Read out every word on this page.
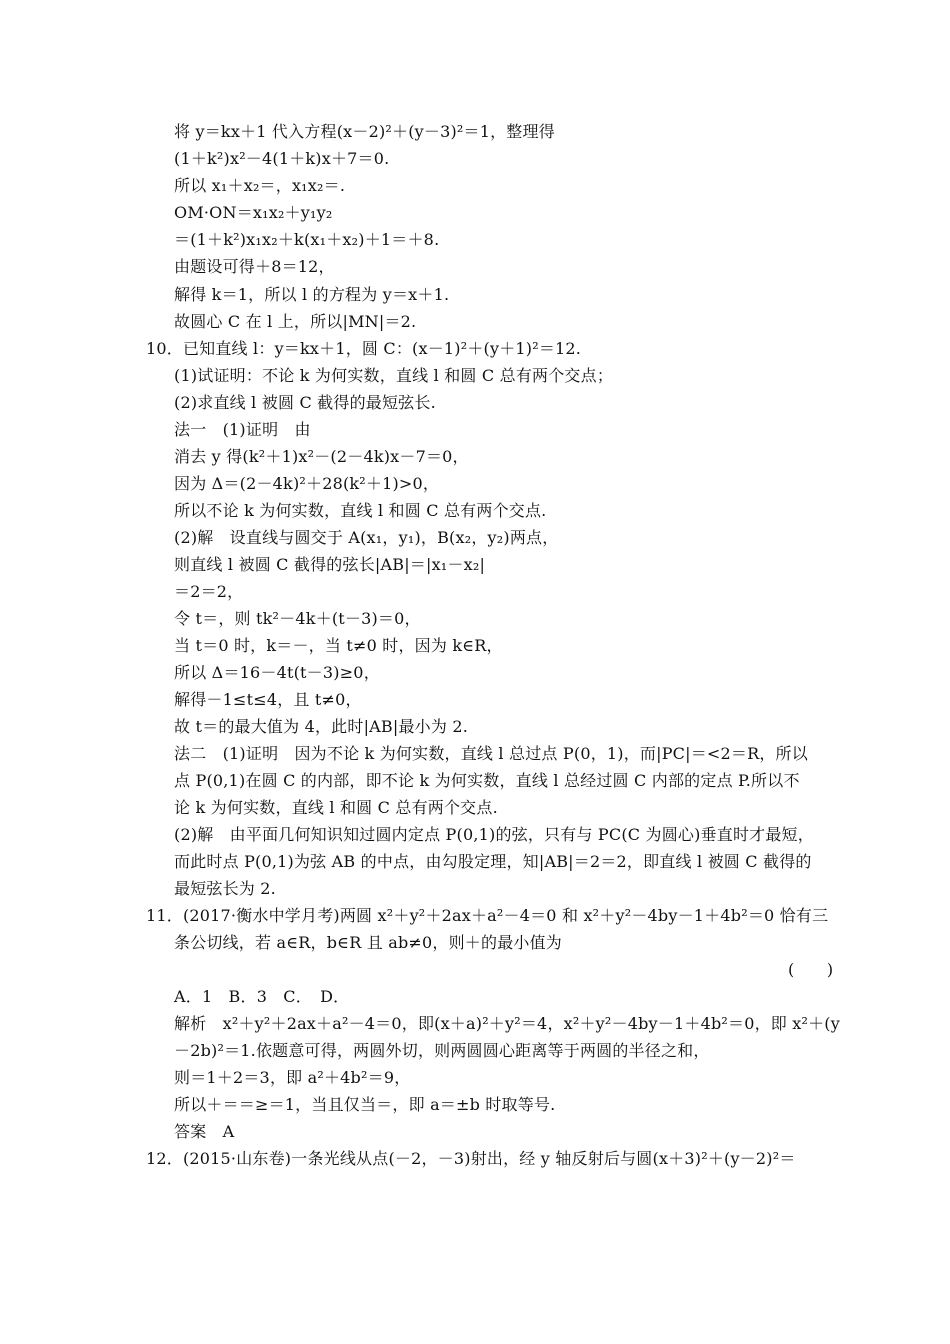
将 y＝kx＋1 代入方程(x－2)²＋(y－3)²＝1，整理得
(1＋k²)x²－4(1＋k)x＋7＝0.
所以 x₁＋x₂＝，x₁x₂＝.
OM·ON＝x₁x₂＋y₁y₂
＝(1＋k²)x₁x₂＋k(x₁＋x₂)＋1＝＋8.
由题设可得＋8＝12，
解得 k＝1，所以 l 的方程为 y＝x＋1.
故圆心 C 在 l 上，所以|MN|＝2.
10．已知直线 l：y＝kx＋1，圆 C：(x－1)²＋(y＋1)²＝12.
(1)试证明：不论 k 为何实数，直线 l 和圆 C 总有两个交点；
(2)求直线 l 被圆 C 截得的最短弦长.
法一　(1)证明　由
消去 y 得(k²＋1)x²－(2－4k)x－7＝0，
因为 Δ＝(2－4k)²＋28(k²＋1)>0，
所以不论 k 为何实数，直线 l 和圆 C 总有两个交点.
(2)解　设直线与圆交于 A(x₁，y₁)，B(x₂，y₂)两点，
则直线 l 被圆 C 截得的弦长|AB|＝|x₁－x₂|
＝2＝2，
令 t＝，则 tk²－4k＋(t－3)＝0，
当 t＝0 时，k＝－，当 t≠0 时，因为 k∈R，
所以 Δ＝16－4t(t－3)≥0，
解得－1≤t≤4，且 t≠0，
故 t＝的最大值为 4，此时|AB|最小为 2.
法二　(1)证明　因为不论 k 为何实数，直线 l 总过点 P(0，1)，而|PC|＝<2＝R，所以
点 P(0,1)在圆 C 的内部，即不论 k 为何实数，直线 l 总经过圆 C 内部的定点 P.所以不
论 k 为何实数，直线 l 和圆 C 总有两个交点.
(2)解　由平面几何知识知过圆内定点 P(0,1)的弦，只有与 PC(C 为圆心)垂直时才最短，
而此时点 P(0,1)为弦 AB 的中点，由勾股定理，知|AB|＝2＝2，即直线 l 被圆 C 截得的
最短弦长为 2.
11．(2017·衡水中学月考)两圆 x²＋y²＋2ax＋a²－4＝0 和 x²＋y²－4by－1＋4b²＝0 恰有三
条公切线，若 a∈R，b∈R 且 ab≠0，则＋的最小值为
(　　)
A．1　B．3　C．　D．
解析　x²＋y²＋2ax＋a²－4＝0，即(x＋a)²＋y²＝4，x²＋y²－4by－1＋4b²＝0，即 x²＋(y
－2b)²＝1.依题意可得，两圆外切，则两圆圆心距离等于两圆的半径之和，
则＝1＋2＝3，即 a²＋4b²＝9，
所以＋＝＝≥＝1，当且仅当＝，即 a＝±b 时取等号.
答案　A
12．(2015·山东卷)一条光线从点(－2，－3)射出，经 y 轴反射后与圆(x＋3)²＋(y－2)²＝
